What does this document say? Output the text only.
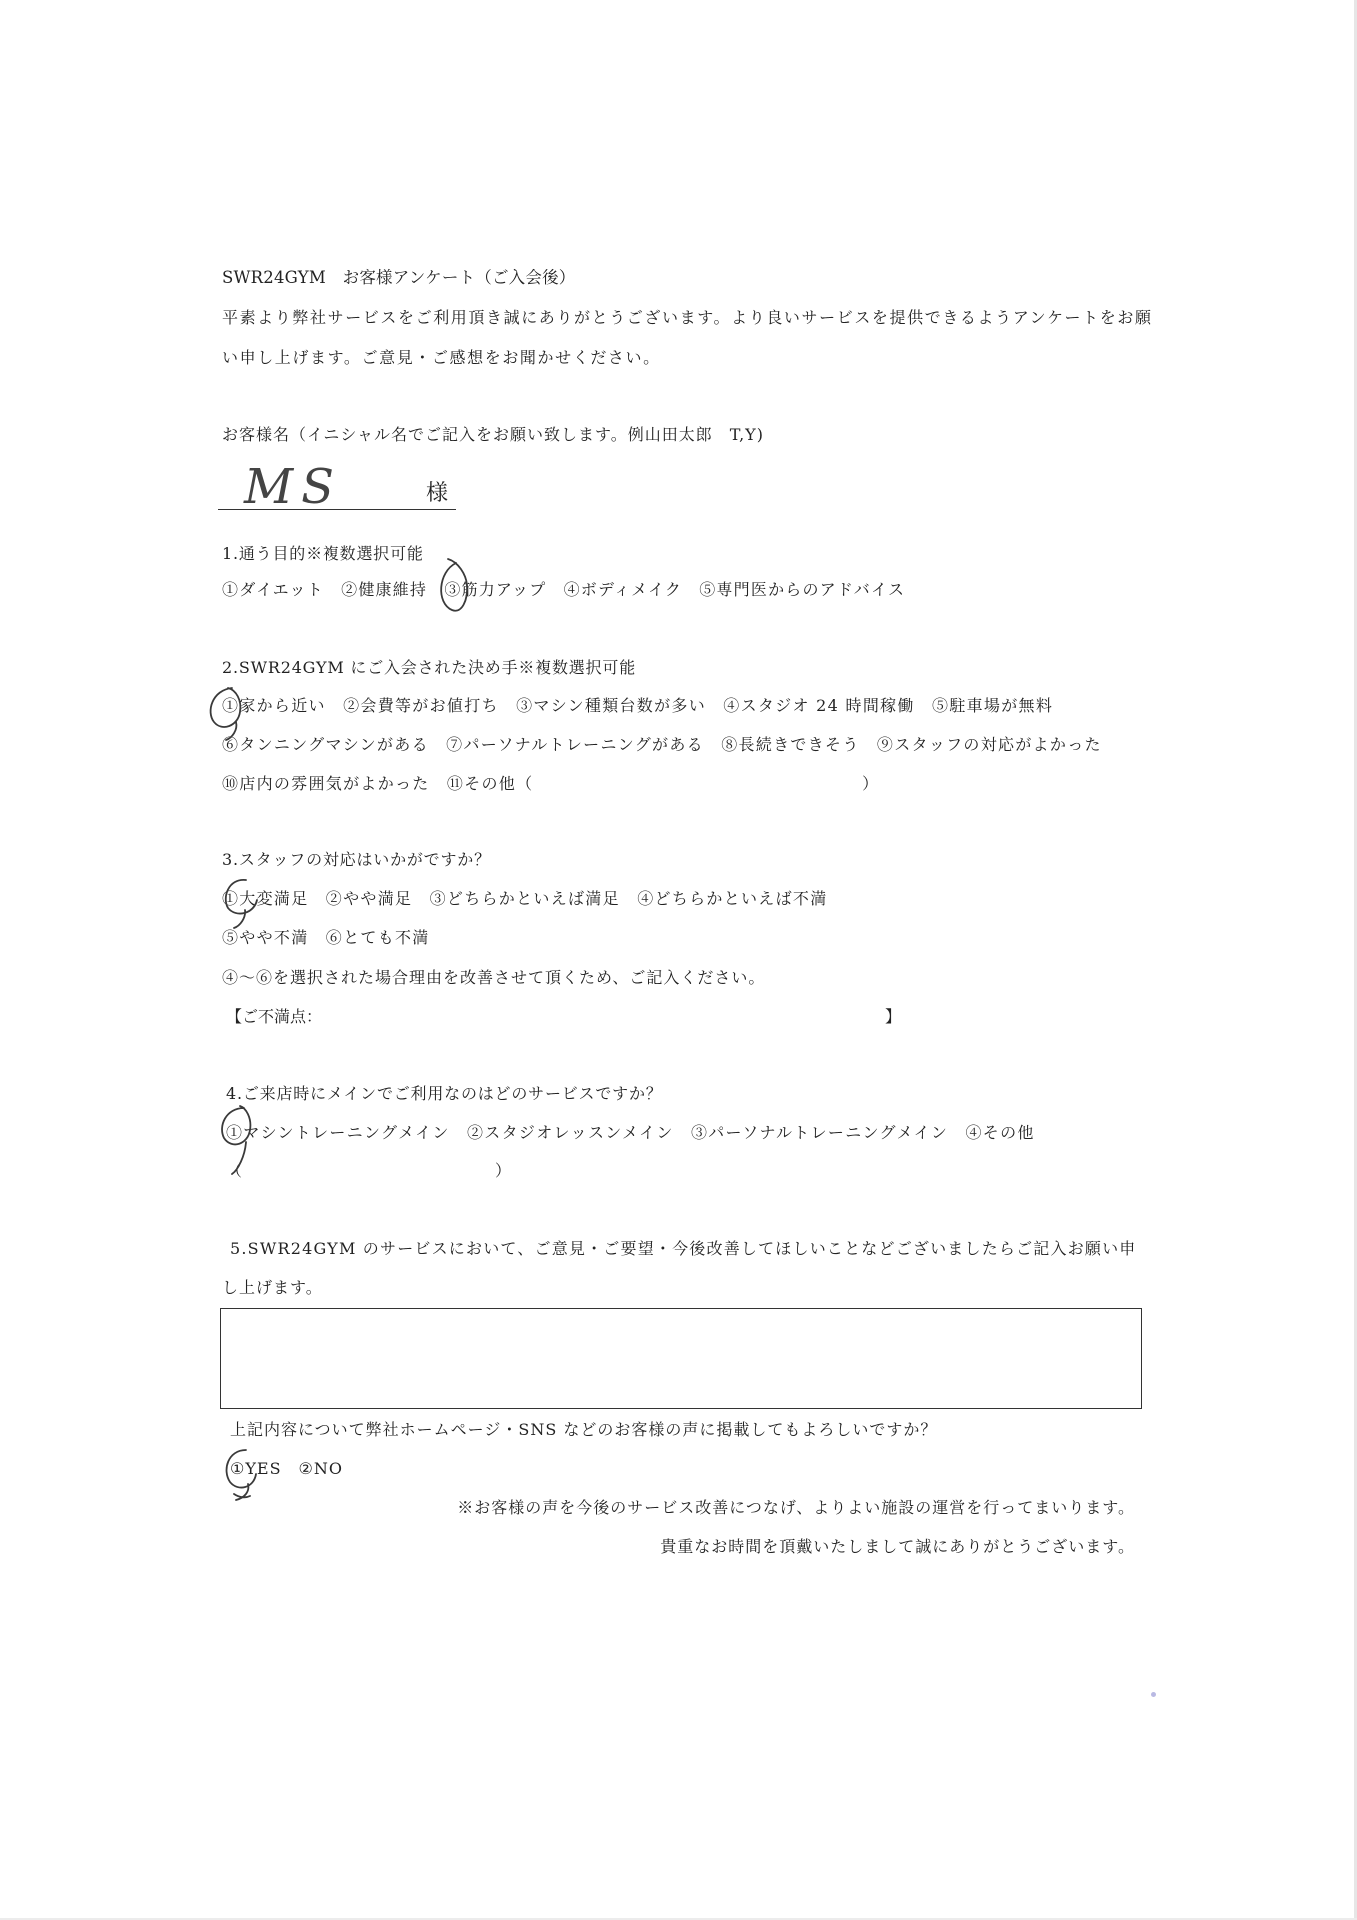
SWR24GYM　お客様アンケート（ご入会後）
平素より弊社サービスをご利用頂き誠にありがとうございます。より良いサービスを提供できるようアンケートをお願
い申し上げます。ご意見・ご感想をお聞かせください。
お客様名（イニシャル名でご記入をお願い致します。例山田太郎　T,Y)
MS	様
1.通う目的※複数選択可能
①ダイエット　②健康維持　③筋力アップ　④ボディメイク　⑤専門医からのアドバイス
2.SWR24GYM にご入会された決め手※複数選択可能
①家から近い　②会費等がお値打ち　③マシン種類台数が多い　④スタジオ 24 時間稼働　⑤駐車場が無料
⑥タンニングマシンがある　⑦パーソナルトレーニングがある　⑧長続きできそう　⑨スタッフの対応がよかった
⑩店内の雰囲気がよかった　⑪その他（　　　　　　　　　　　　　　　　　　　）
3.スタッフの対応はいかがですか？
①大変満足　②やや満足　③どちらかといえば満足　④どちらかといえば不満
⑤やや不満　⑥とても不満
④～⑥を選択された場合理由を改善させて頂くため、ご記入ください。
【ご不満点：	】
4.ご来店時にメインでご利用なのはどのサービスですか？
①マシントレーニングメイン　②スタジオレッスンメイン　③パーソナルトレーニングメイン　④その他
（	）
5.SWR24GYM のサービスにおいて、ご意見・ご要望・今後改善してほしいことなどございましたらご記入お願い申
し上げます。
上記内容について弊社ホームページ・SNS などのお客様の声に掲載してもよろしいですか？
①YES　②NO
※お客様の声を今後のサービス改善につなげ、よりよい施設の運営を行ってまいります。
貴重なお時間を頂戴いたしまして誠にありがとうございます。
